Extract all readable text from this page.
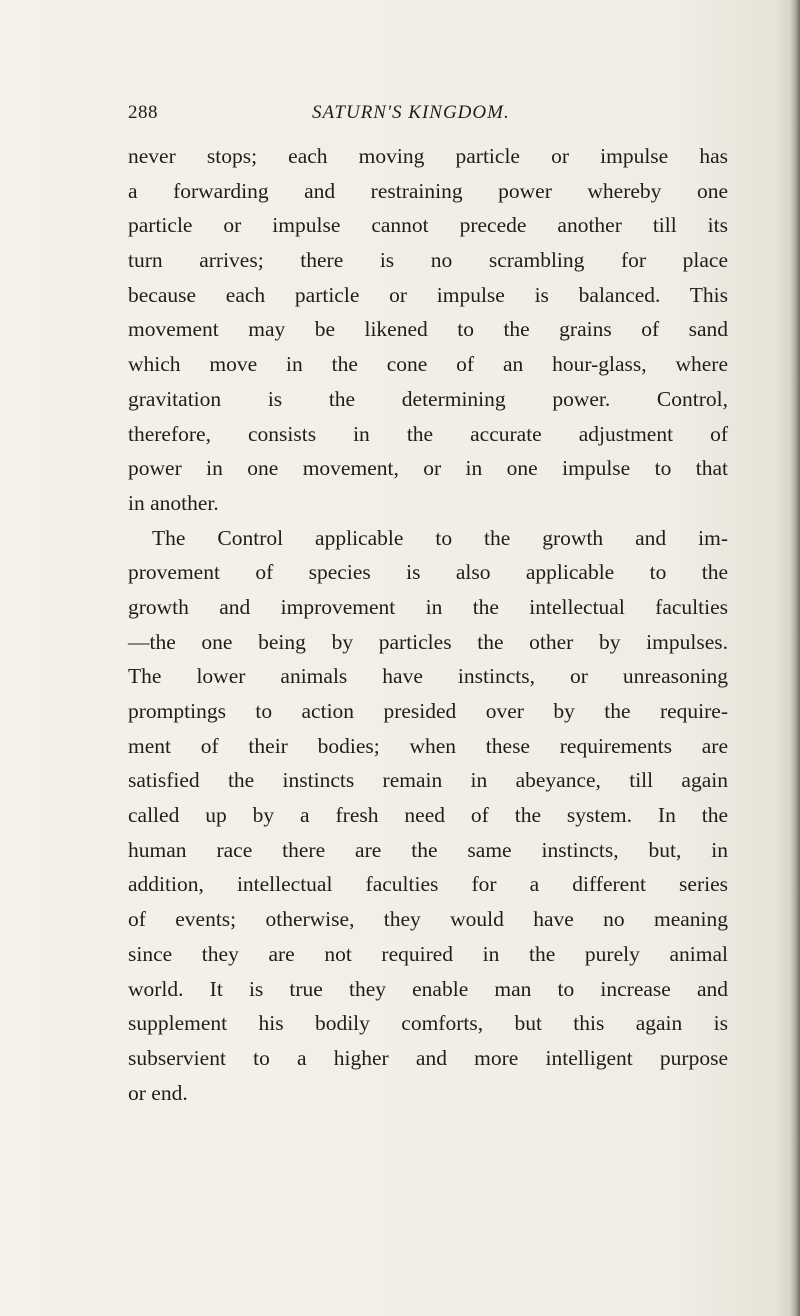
288	SATURN'S KINGDOM.
never stops; each moving particle or impulse has
a forwarding and restraining power whereby one
particle or impulse cannot precede another till its
turn arrives; there is no scrambling for place
because each particle or impulse is balanced. This
movement may be likened to the grains of sand
which move in the cone of an hour-glass, where
gravitation is the determining power. Control,
therefore, consists in the accurate adjustment of
power in one movement, or in one impulse to that
in another.
The Control applicable to the growth and im-
provement of species is also applicable to the
growth and improvement in the intellectual faculties
—the one being by particles the other by impulses.
The lower animals have instincts, or unreasoning
promptings to action presided over by the require-
ment of their bodies; when these requirements are
satisfied the instincts remain in abeyance, till again
called up by a fresh need of the system. In the
human race there are the same instincts, but, in
addition, intellectual faculties for a different series
of events; otherwise, they would have no meaning
since they are not required in the purely animal
world. It is true they enable man to increase and
supplement his bodily comforts, but this again is
subservient to a higher and more intelligent purpose
or end.
